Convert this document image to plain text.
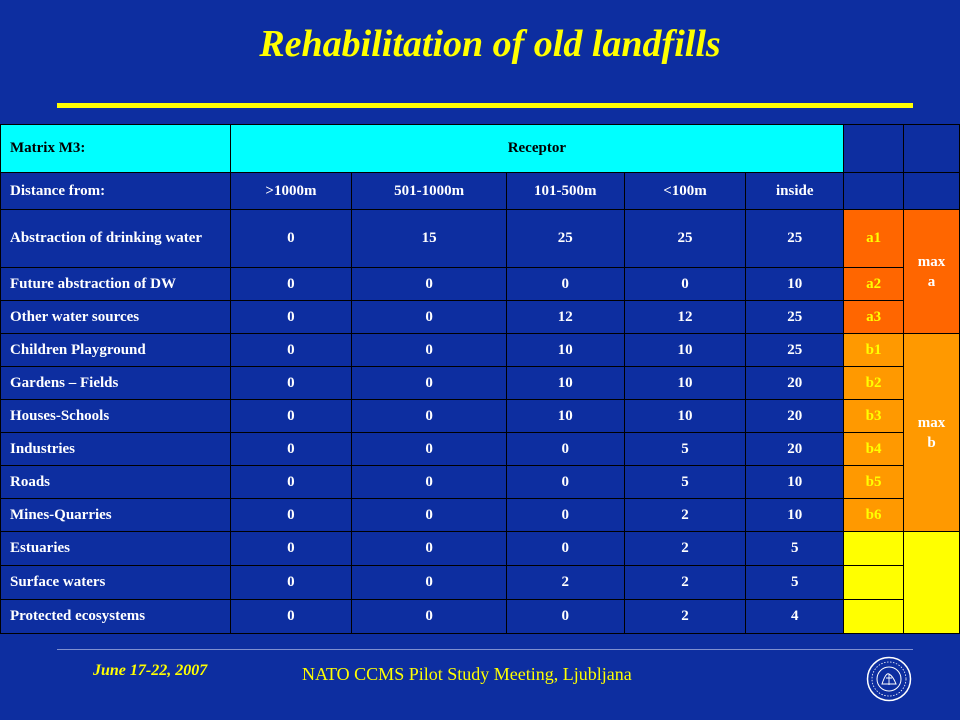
Rehabilitation of old landfills
Matrix M3:	Receptor						
Distance from:	>1000m	501-1000m	101-500m	<100m	inside		
Abstraction of drinking water	0	15	25	25	25	a1	max
a
Future abstraction of DW	0	0	0	0	10	a2	
Other water sources	0	0	12	12	25	a3	
Children Playground	0	0	10	10	25	b1	max
b
Gardens – Fields	0	0	10	10	20	b2	
Houses-Schools	0	0	10	10	20	b3	
Industries	0	0	0	5	20	b4	
Roads	0	0	0	5	10	b5	
Mines-Quarries	0	0	0	2	10	b6	
Estuaries	0	0	0	2	5		
Surface waters	0	0	2	2	5		
Protected ecosystems	0	0	0	2	4		
June 17-22, 2007	NATO CCMS Pilot Study Meeting, Ljubljana
